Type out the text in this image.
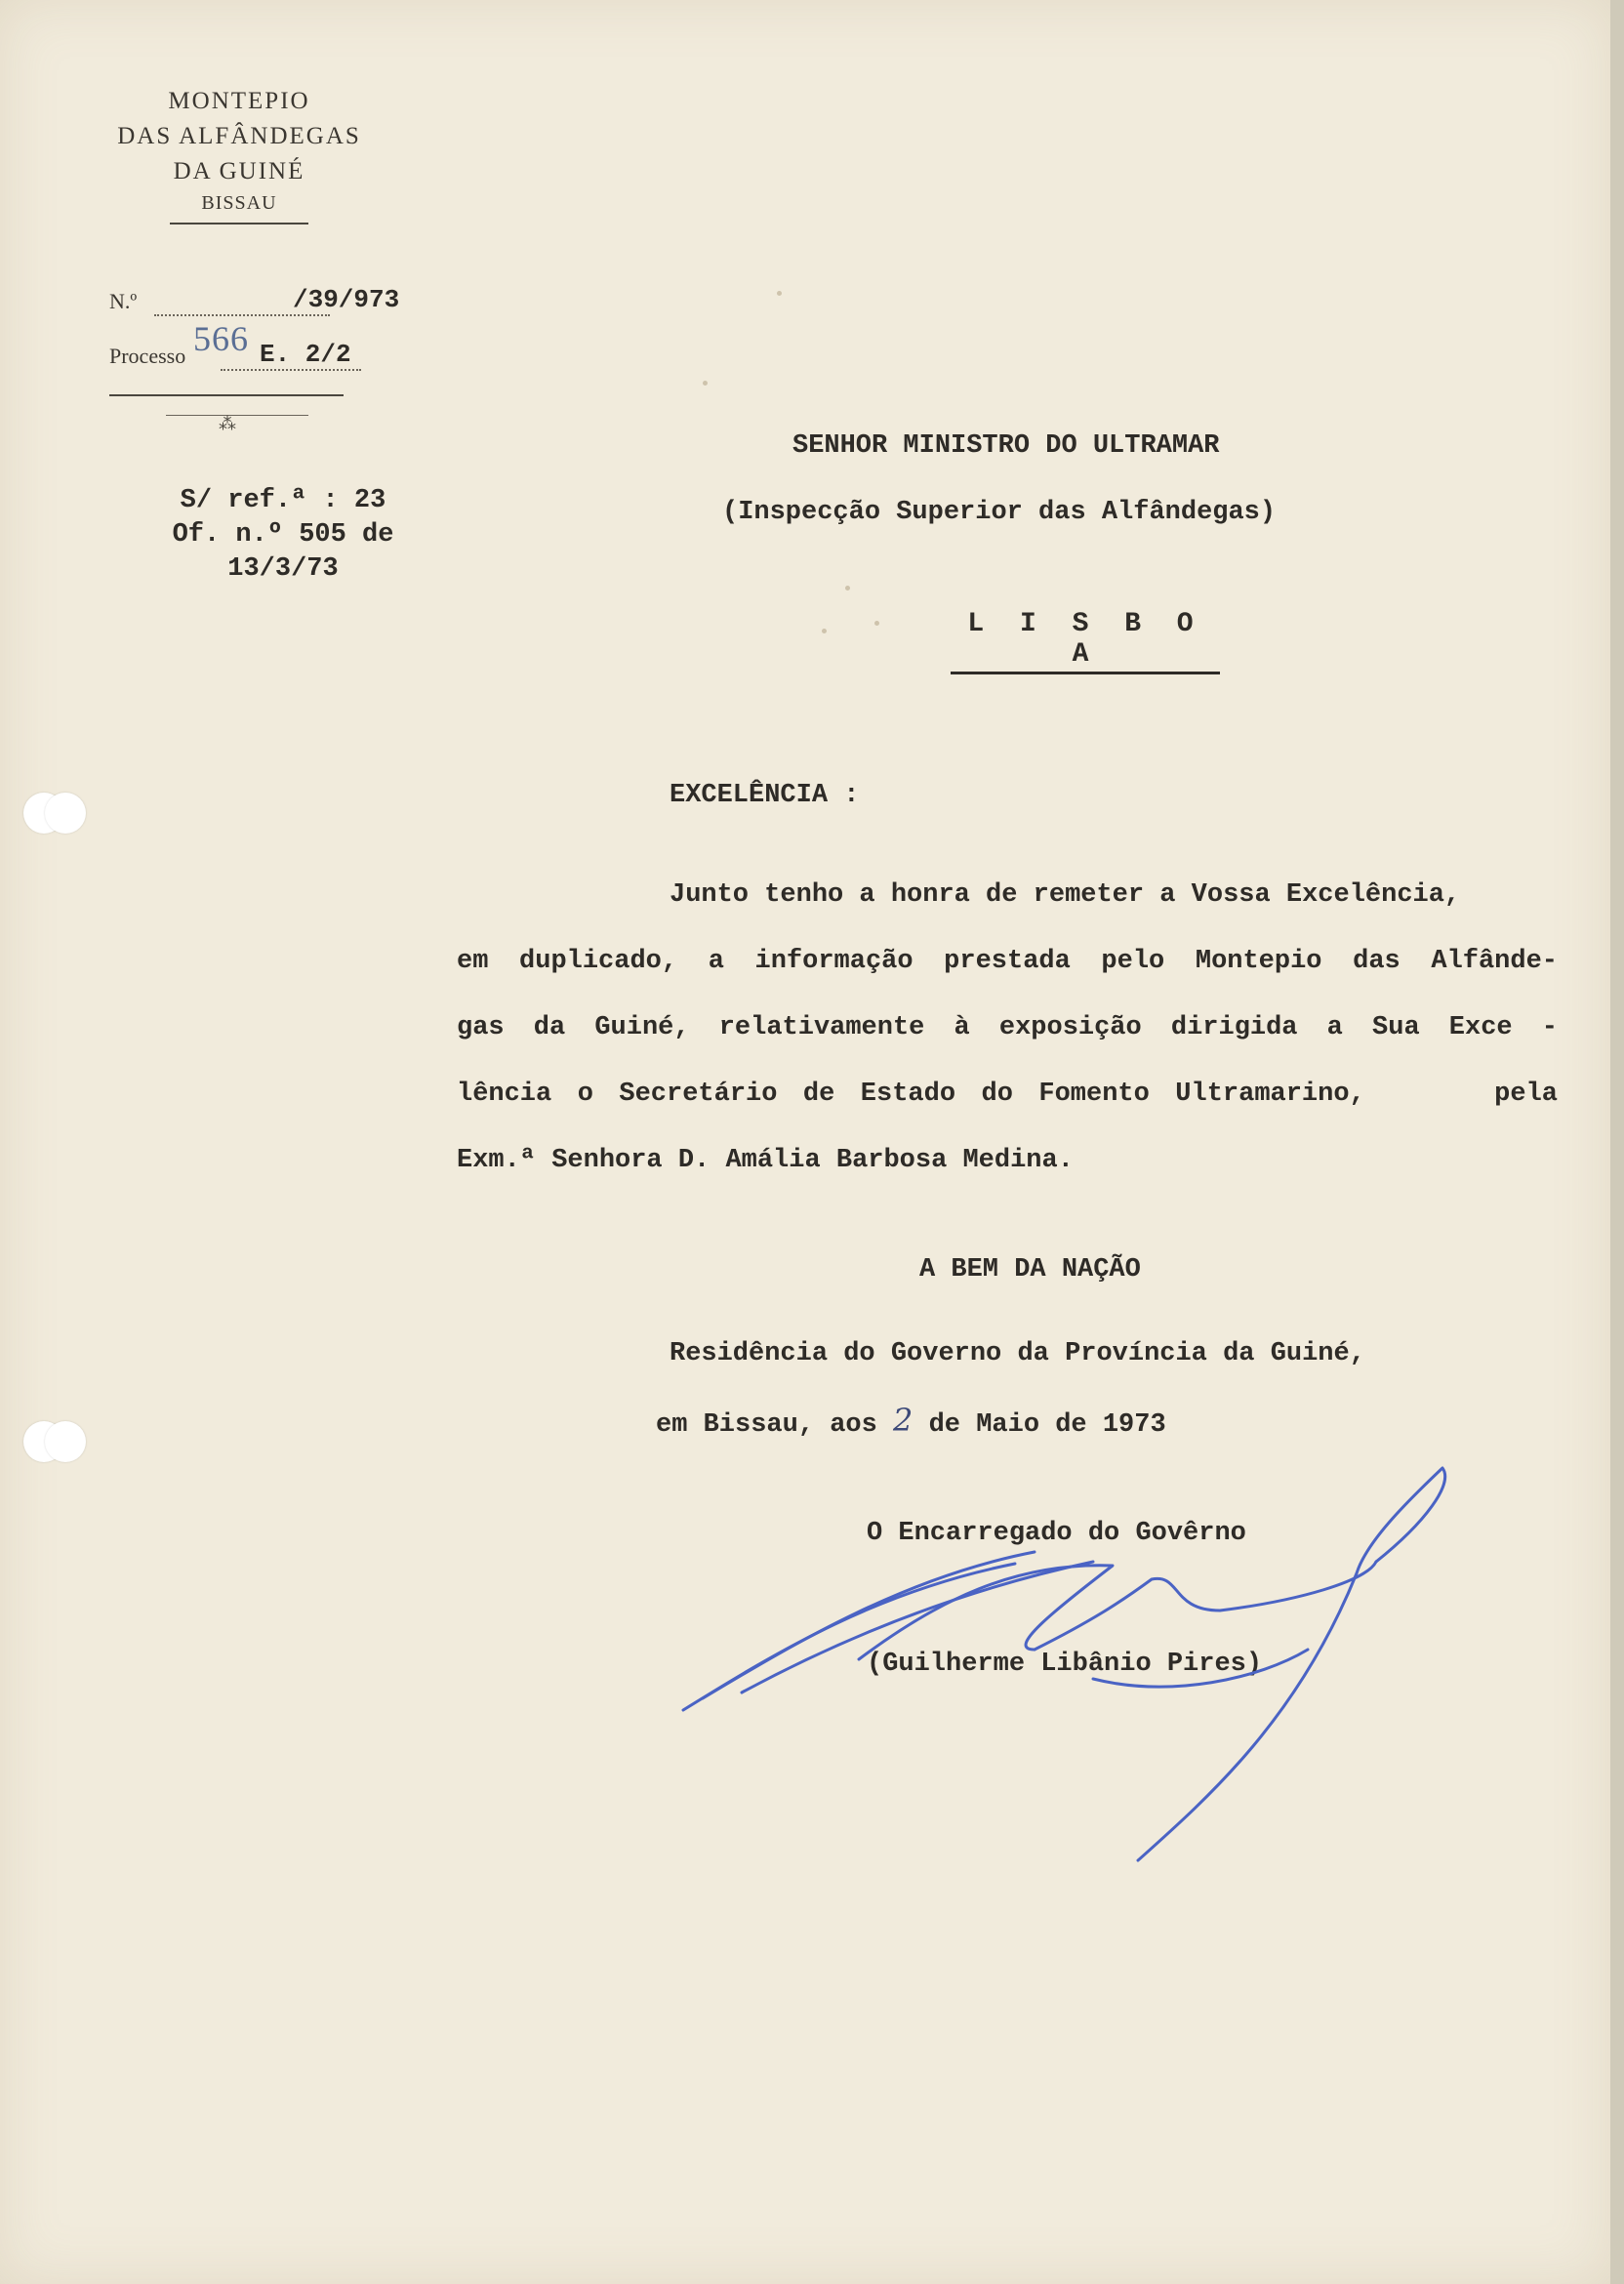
MONTEPIO
DAS ALFÂNDEGAS
DA GUINÉ
BISSAU
N.º	/39/973
Processo 566 E. 2/2
⁂
S/ ref.ª : 23
Of. n.º 505 de
13/3/73
SENHOR MINISTRO DO ULTRAMAR
(Inspecção Superior das Alfândegas)
L I S B O A
EXCELÊNCIA :
Junto tenho a honra de remeter a Vossa Excelência,
em duplicado, a informação prestada pelo Montepio das Alfânde-
gas da Guiné, relativamente à exposição dirigida a Sua Exce -
lência o Secretário de Estado do Fomento Ultramarino,     pela
Exm.ª Senhora D. Amália Barbosa Medina.
A BEM DA NAÇÃO
Residência do Governo da Província da Guiné,
em Bissau, aos 2 de Maio de 1973
O Encarregado do Govêrno
(Guilherme Libânio Pires)
